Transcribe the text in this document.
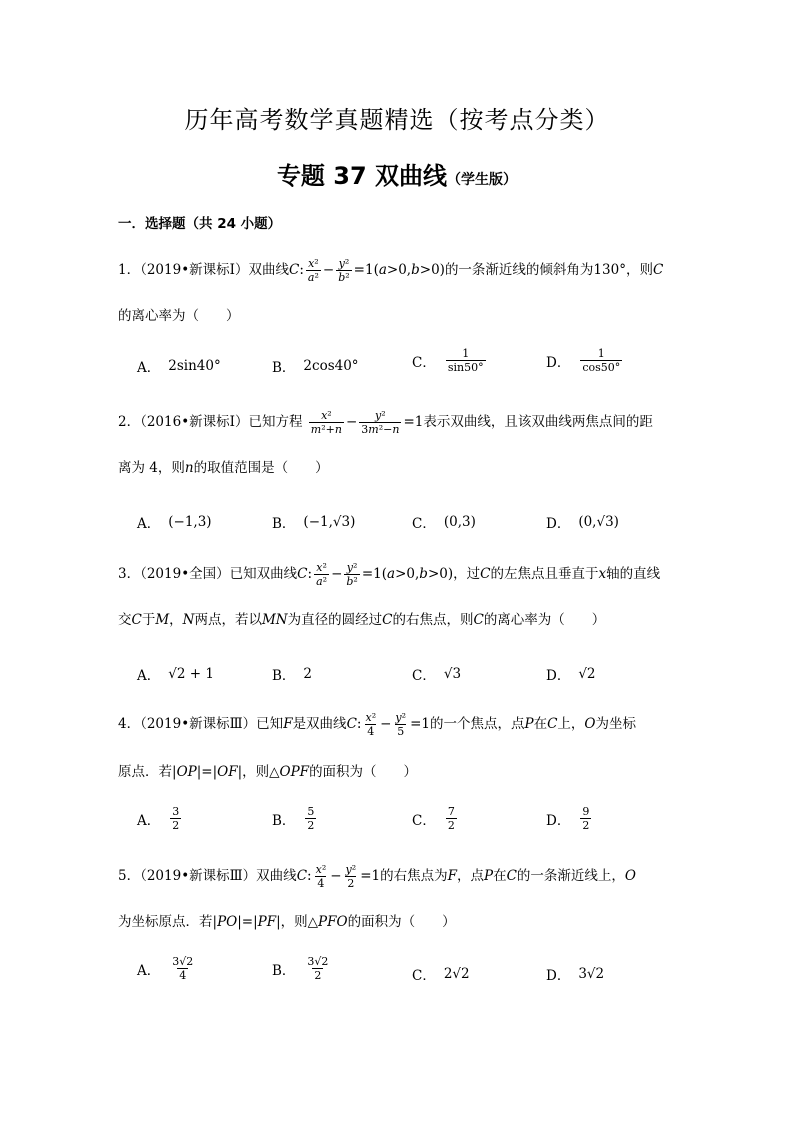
历年高考数学真题精选（按考点分类）
专题 37 双曲线（学生版）
一．选择题（共 24 小题）
1．（2019•新课标Ⅰ）双曲线C: $\frac{\text{x²}}{\text{a²}} - \frac{\text{y²}}{\text{b²}} =1(a>0,b>0)$的一条渐近线的倾斜角为130°，则C
的离心率为（　　）
A． 2sin40°	B． 2cos40°	C． $\frac{1}{\sin 50^\circ}$	D． $\frac{1}{\cos 50^\circ}$
2．（2016•新课标Ⅰ）已知方程 $\frac{\text{x²}}{\text{m²+n}} - \frac{\text{y²}}{\text{3m²−n}} =1$表示双曲线，且该双曲线两焦点间的距
离为 4，则n的取值范围是（　　）
A． (−1,3)	B． (−1,√3)	C． (0,3)	D． (0,√3)
3．（2019•全国）已知双曲线C: $\frac{\text{x²}}{\text{a²}} - \frac{\text{y²}}{\text{b²}} =1(a>0,b>0)$，过C的左焦点且垂直于x轴的直线
交C于M，N两点，若以MN为直径的圆经过C的右焦点，则C的离心率为（　　）
A． √2 + 1	B． 2	C． √3	D． √2
4．（2019•新课标Ⅲ）已知F是双曲线C: $\frac{\text{x²}}{4} - \frac{\text{y²}}{5} =1$的一个焦点，点P在C上，O为坐标
原点．若|OP|=|OF|，则△OPF的面积为（　　）
A． $\frac{3}{2}$	B． $\frac{5}{2}$	C． $\frac{7}{2}$	D． $\frac{9}{2}$
5．（2019•新课标Ⅲ）双曲线C: $\frac{\text{x²}}{4} - \frac{\text{y²}}{2} =1$的右焦点为F，点P在C的一条渐近线上，O
为坐标原点．若|PO|=|PF|，则△PFO的面积为（　　）
A． $\frac{3√2}{4}$	B． $\frac{3√2}{2}$	C． 2√2	D． 3√2
